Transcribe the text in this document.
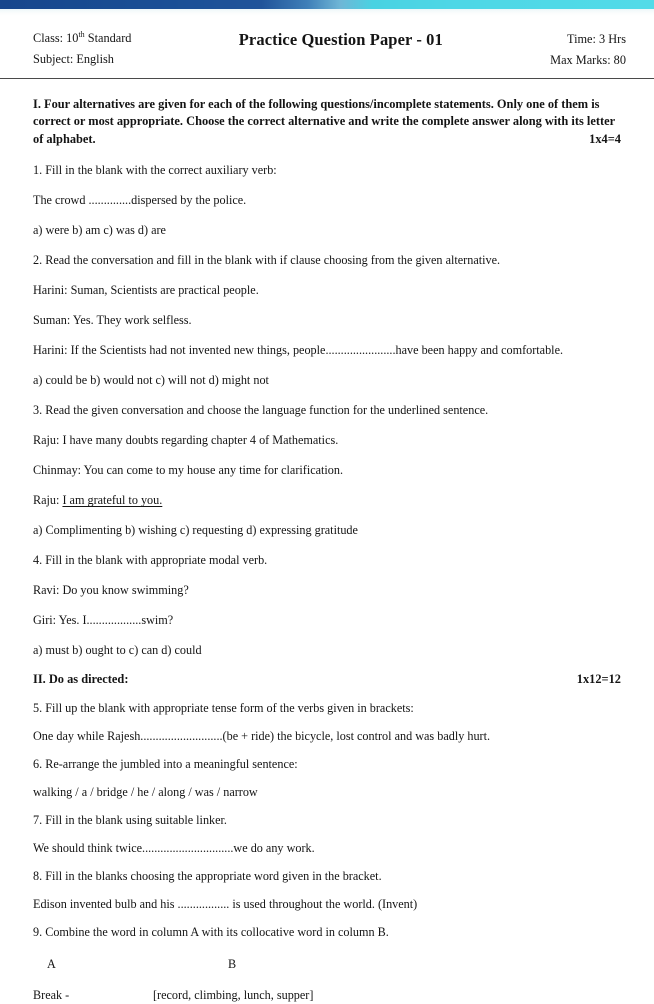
Class: 10th Standard
Subject: English
Practice Question Paper - 01	Time: 3 Hrs
Max Marks: 80
I. Four alternatives are given for each of the following questions/incomplete statements. Only one of them is correct or most appropriate. Choose the correct alternative and write the complete answer along with its letter of alphabet.	1x4=4
1. Fill in the blank with the correct auxiliary verb:
The crowd ..............dispersed by the police.
a) were b) am c) was d) are
2. Read the conversation and fill in the blank with if clause choosing from the given alternative.
Harini: Suman, Scientists are practical people.
Suman: Yes. They work selfless.
Harini: If the Scientists had not invented new things, people.......................have been happy and comfortable.
a) could be b) would not c) will not d) might not
3. Read the given conversation and choose the language function for the underlined sentence.
Raju: I have many doubts regarding chapter 4 of Mathematics.
Chinmay: You can come to my house any time for clarification.
Raju: I am grateful to you.
a) Complimenting b) wishing c) requesting d) expressing gratitude
4. Fill in the blank with appropriate modal verb.
Ravi: Do you know swimming?
Giri: Yes. I..................swim?
a) must b) ought to c) can d) could
II. Do as directed:	1x12=12
5. Fill up the blank with appropriate tense form of the verbs given in brackets:
One day while Rajesh...........................(be + ride) the bicycle, lost control and was badly hurt.
6. Re-arrange the jumbled into a meaningful sentence:
walking / a / bridge / he / along / was / narrow
7. Fill in the blank using suitable linker.
We should think twice..............................we do any work.
8. Fill in the blanks choosing the appropriate word given in the bracket.
Edison invented bulb and his ................. is used throughout the world. (Invent)
9. Combine the word in column A with its collocative word in column B.
A	B
Break -	[record, climbing, lunch, supper]
